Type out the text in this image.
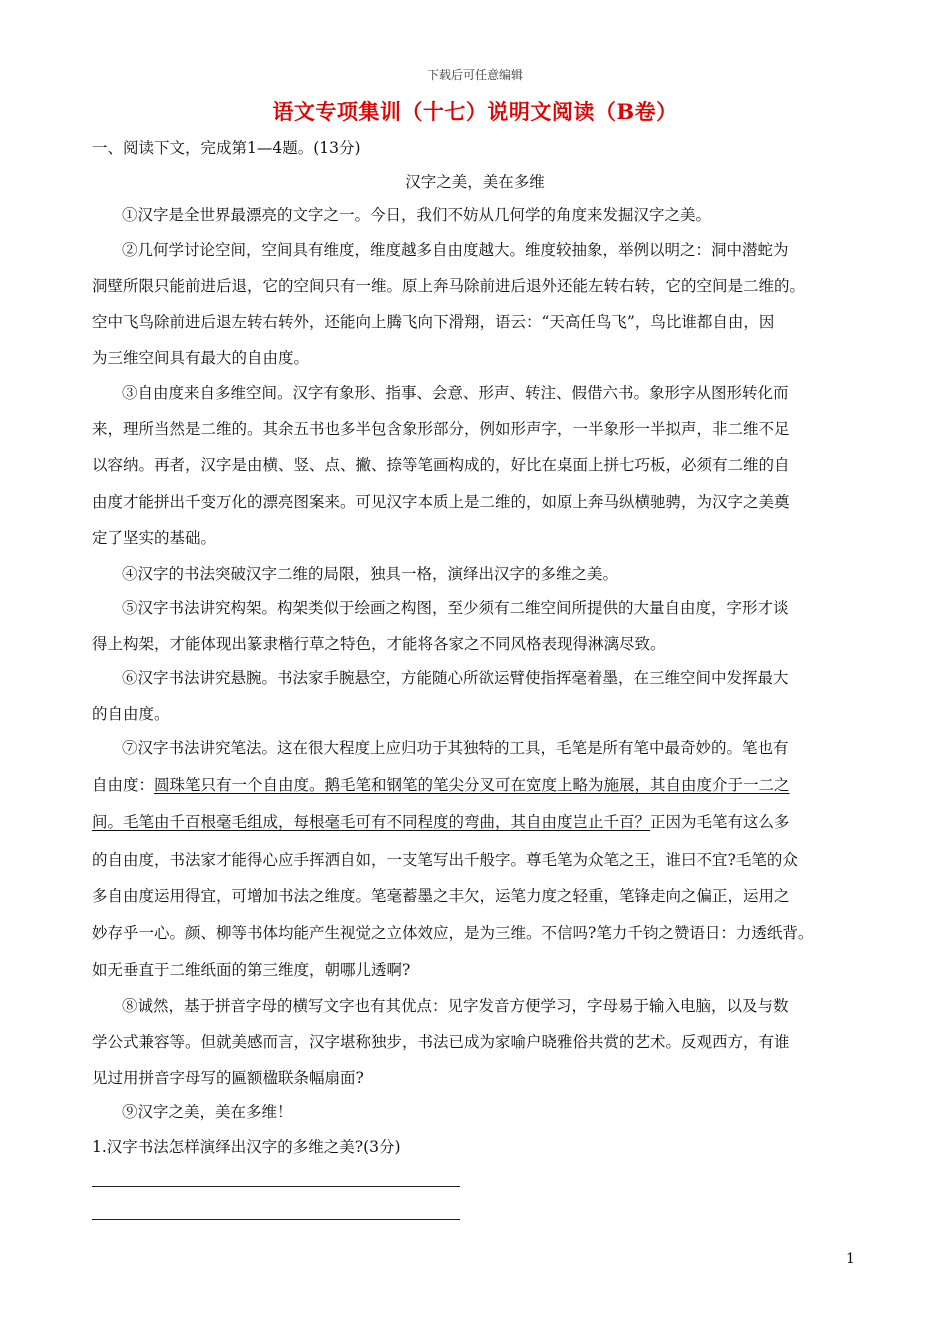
下载后可任意编辑
语文专项集训（十七）说明文阅读（B卷）
一、阅读下文，完成第1—4题。(13分)
汉字之美，美在多维
①汉字是全世界最漂亮的文字之一。今日，我们不妨从几何学的角度来发掘汉字之美。
②几何学讨论空间，空间具有维度，维度越多自由度越大。维度较抽象，举例以明之：洞中潜蛇为
洞壁所限只能前进后退，它的空间只有一维。原上奔马除前进后退外还能左转右转，它的空间是二维的。
空中飞鸟除前进后退左转右转外，还能向上腾飞向下滑翔，语云：“天高任鸟飞”，鸟比谁都自由，因
为三维空间具有最大的自由度。
③自由度来自多维空间。汉字有象形、指事、会意、形声、转注、假借六书。象形字从图形转化而
来，理所当然是二维的。其余五书也多半包含象形部分，例如形声字，一半象形一半拟声，非二维不足
以容纳。再者，汉字是由横、竖、点、撇、捺等笔画构成的，好比在桌面上拼七巧板，必须有二维的自
由度才能拼出千变万化的漂亮图案来。可见汉字本质上是二维的，如原上奔马纵横驰骋，为汉字之美奠
定了坚实的基础。
④汉字的书法突破汉字二维的局限，独具一格，演绎出汉字的多维之美。
⑤汉字书法讲究构架。构架类似于绘画之构图，至少须有二维空间所提供的大量自由度，字形才谈
得上构架，才能体现出篆隶楷行草之特色，才能将各家之不同风格表现得淋漓尽致。
⑥汉字书法讲究悬腕。书法家手腕悬空，方能随心所欲运臂使指挥毫着墨，在三维空间中发挥最大
的自由度。
⑦汉字书法讲究笔法。这在很大程度上应归功于其独特的工具，毛笔是所有笔中最奇妙的。笔也有
自由度：圆珠笔只有一个自由度。鹅毛笔和钢笔的笔尖分叉可在宽度上略为施展，其自由度介于一二之
间。毛笔由千百根毫毛组成，每根毫毛可有不同程度的弯曲，其自由度岂止千百？正因为毛笔有这么多
的自由度，书法家才能得心应手挥洒自如，一支笔写出千般字。尊毛笔为众笔之王，谁曰不宜?毛笔的众
多自由度运用得宜，可增加书法之维度。笔毫蓄墨之丰欠，运笔力度之轻重，笔锋走向之偏正，运用之
妙存乎一心。颜、柳等书体均能产生视觉之立体效应，是为三维。不信吗?笔力千钧之赞语日：力透纸背。
如无垂直于二维纸面的第三维度，朝哪儿透啊?
⑧诚然，基于拼音字母的横写文字也有其优点：见字发音方便学习，字母易于输入电脑，以及与数
学公式兼容等。但就美感而言，汉字堪称独步，书法已成为家喻户晓雅俗共赏的艺术。反观西方，有谁
见过用拼音字母写的匾额楹联条幅扇面?
⑨汉字之美，美在多维！
1.汉字书法怎样演绎出汉字的多维之美?(3分)
1
